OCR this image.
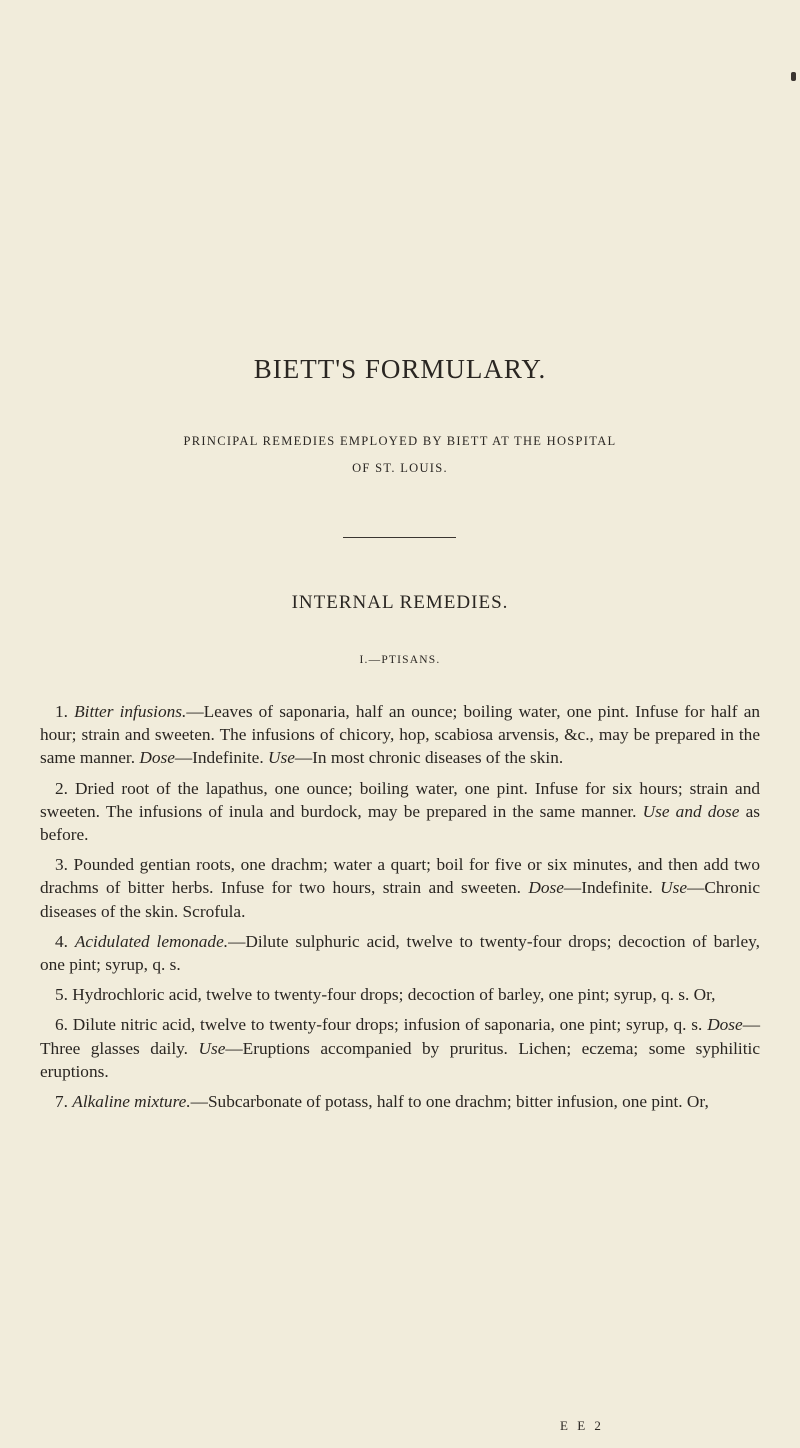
BIETT'S FORMULARY.
PRINCIPAL REMEDIES EMPLOYED BY BIETT AT THE HOSPITAL
OF ST. LOUIS.
INTERNAL REMEDIES.
I.—PTISANS.

1. Bitter infusions.—Leaves of saponaria, half an ounce; boiling water, one pint. Infuse for half an hour; strain and sweeten. The infusions of chicory, hop, scabiosa arvensis, &c., may be prepared in the same manner. Dose—Indefinite. Use—In most chronic diseases of the skin.

2. Dried root of the lapathus, one ounce; boiling water, one pint. Infuse for six hours; strain and sweeten. The infusions of inula and burdock, may be prepared in the same manner. Use and dose as before.

3. Pounded gentian roots, one drachm; water a quart; boil for five or six minutes, and then add two drachms of bitter herbs. Infuse for two hours, strain and sweeten. Dose—Indefinite. Use—Chronic diseases of the skin. Scrofula.

4. Acidulated lemonade.—Dilute sulphuric acid, twelve to twenty-four drops; decoction of barley, one pint; syrup, q. s.

5. Hydrochloric acid, twelve to twenty-four drops; decoction of barley, one pint; syrup, q. s. Or,

6. Dilute nitric acid, twelve to twenty-four drops; infusion of saponaria, one pint; syrup, q. s. Dose—Three glasses daily. Use—Eruptions accompanied by pruritus. Lichen; eczema; some syphilitic eruptions.

7. Alkaline mixture.—Subcarbonate of potass, half to one drachm; bitter infusion, one pint. Or,

E E 2
